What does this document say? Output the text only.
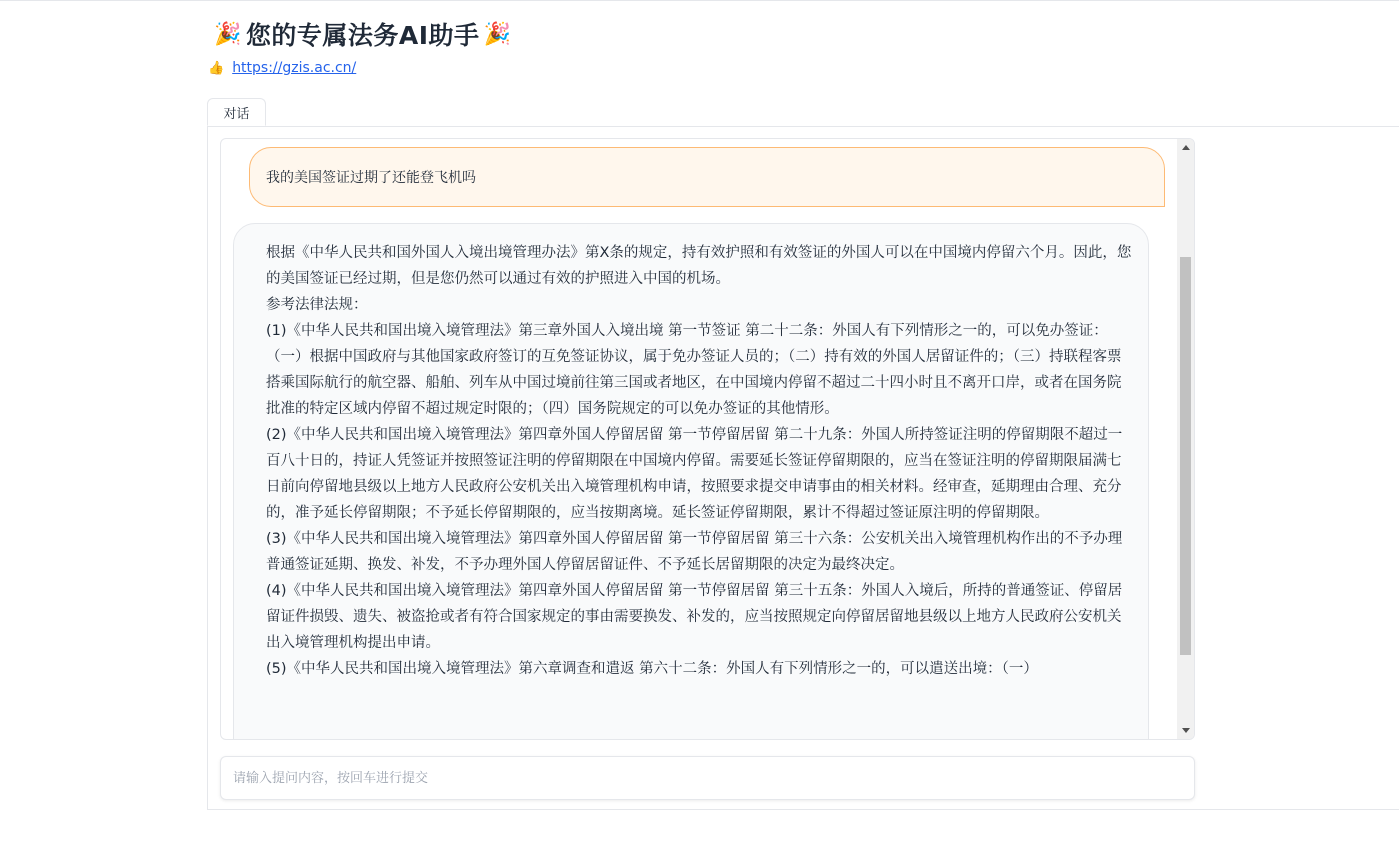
🎉 您的专属法务AI助手 🎉
👍 https://gzis.ac.cn/
对话
我的美国签证过期了还能登飞机吗

根据《中华人民共和国外国人入境出境管理办法》第X条的规定，持有效护照和有效签证的外国人可以在中国境内停留六个月。因此，您的美国签证已经过期，但是您仍然可以通过有效的护照进入中国的机场。

参考法律法规：

(1)《中华人民共和国出境入境管理法》第三章外国人入境出境 第一节签证 第二十二条：外国人有下列情形之一的，可以免办签证：（一）根据中国政府与其他国家政府签订的互免签证协议，属于免办签证人员的；（二）持有效的外国人居留证件的；（三）持联程客票搭乘国际航行的航空器、船舶、列车从中国过境前往第三国或者地区，在中国境内停留不超过二十四小时且不离开口岸，或者在国务院批准的特定区域内停留不超过规定时限的；（四）国务院规定的可以免办签证的其他情形。

(2)《中华人民共和国出境入境管理法》第四章外国人停留居留 第一节停留居留 第二十九条：外国人所持签证注明的停留期限不超过一百八十日的，持证人凭签证并按照签证注明的停留期限在中国境内停留。需要延长签证停留期限的，应当在签证注明的停留期限届满七日前向停留地县级以上地方人民政府公安机关出入境管理机构申请，按照要求提交申请事由的相关材料。经审查，延期理由合理、充分的，准予延长停留期限；不予延长停留期限的，应当按期离境。延长签证停留期限，累计不得超过签证原注明的停留期限。

(3)《中华人民共和国出境入境管理法》第四章外国人停留居留 第一节停留居留 第三十六条：公安机关出入境管理机构作出的不予办理普通签证延期、换发、补发，不予办理外国人停留居留证件、不予延长居留期限的决定为最终决定。

(4)《中华人民共和国出境入境管理法》第四章外国人停留居留 第一节停留居留 第三十五条：外国人入境后，所持的普通签证、停留居留证件损毁、遗失、被盗抢或者有符合国家规定的事由需要换发、补发的，应当按照规定向停留居留地县级以上地方人民政府公安机关出入境管理机构提出申请。

(5)《中华人民共和国出境入境管理法》第六章调查和遣返 第六十二条：外国人有下列情形之一的，可以遣送出境：（一）

请输入提问内容，按回车进行提交
